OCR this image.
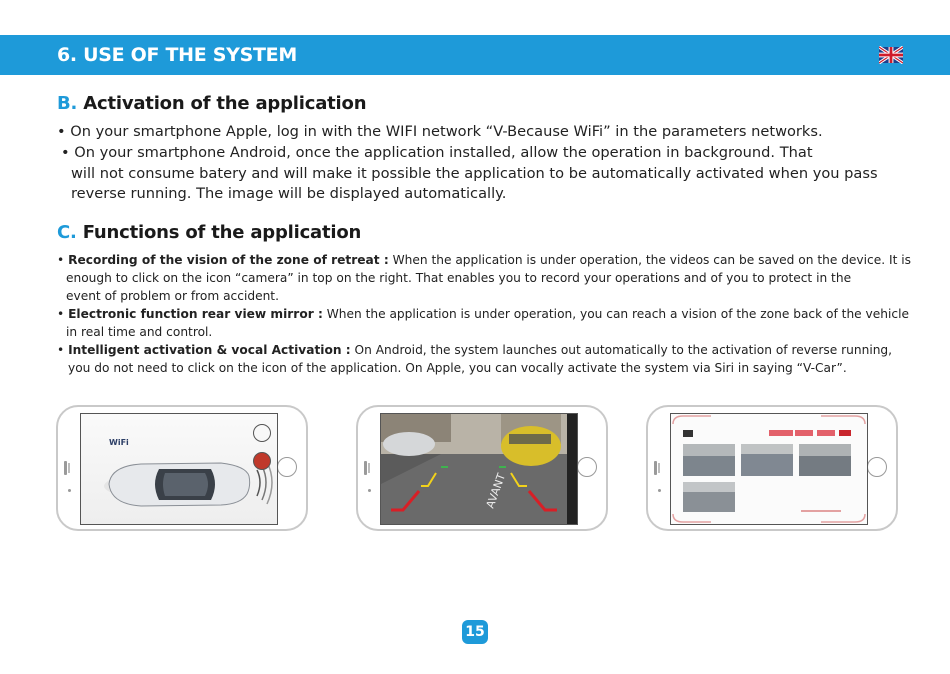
6. USE OF THE SYSTEM
B. Activation of the application
• On your smartphone Apple, log in with the WIFI network “V-Because WiFi” in the parameters networks.
• On your smartphone Android, once the application installed, allow the operation in background. That
will not consume batery and will make it possible the application to be automatically activated when you pass
reverse running. The image will be displayed automatically.
C. Functions of the application
• Recording of the vision of the zone of retreat : When the application is under operation, the videos can be saved on the device. It is
enough to click on the icon “camera” in top on the right. That enables you to record your operations and of you to protect in the
event of problem or from accident.
• Electronic function rear view mirror : When the application is under operation, you can reach a vision of the zone back of the vehicle
in real time and control.
• Intelligent activation & vocal Activation : On Android, the system launches out automatically to the activation of reverse running,
you do not need to click on the icon of the application. On Apple, you can vocally activate the system via Siri in saying “V-Car”.
WiFi
AVANT
15
